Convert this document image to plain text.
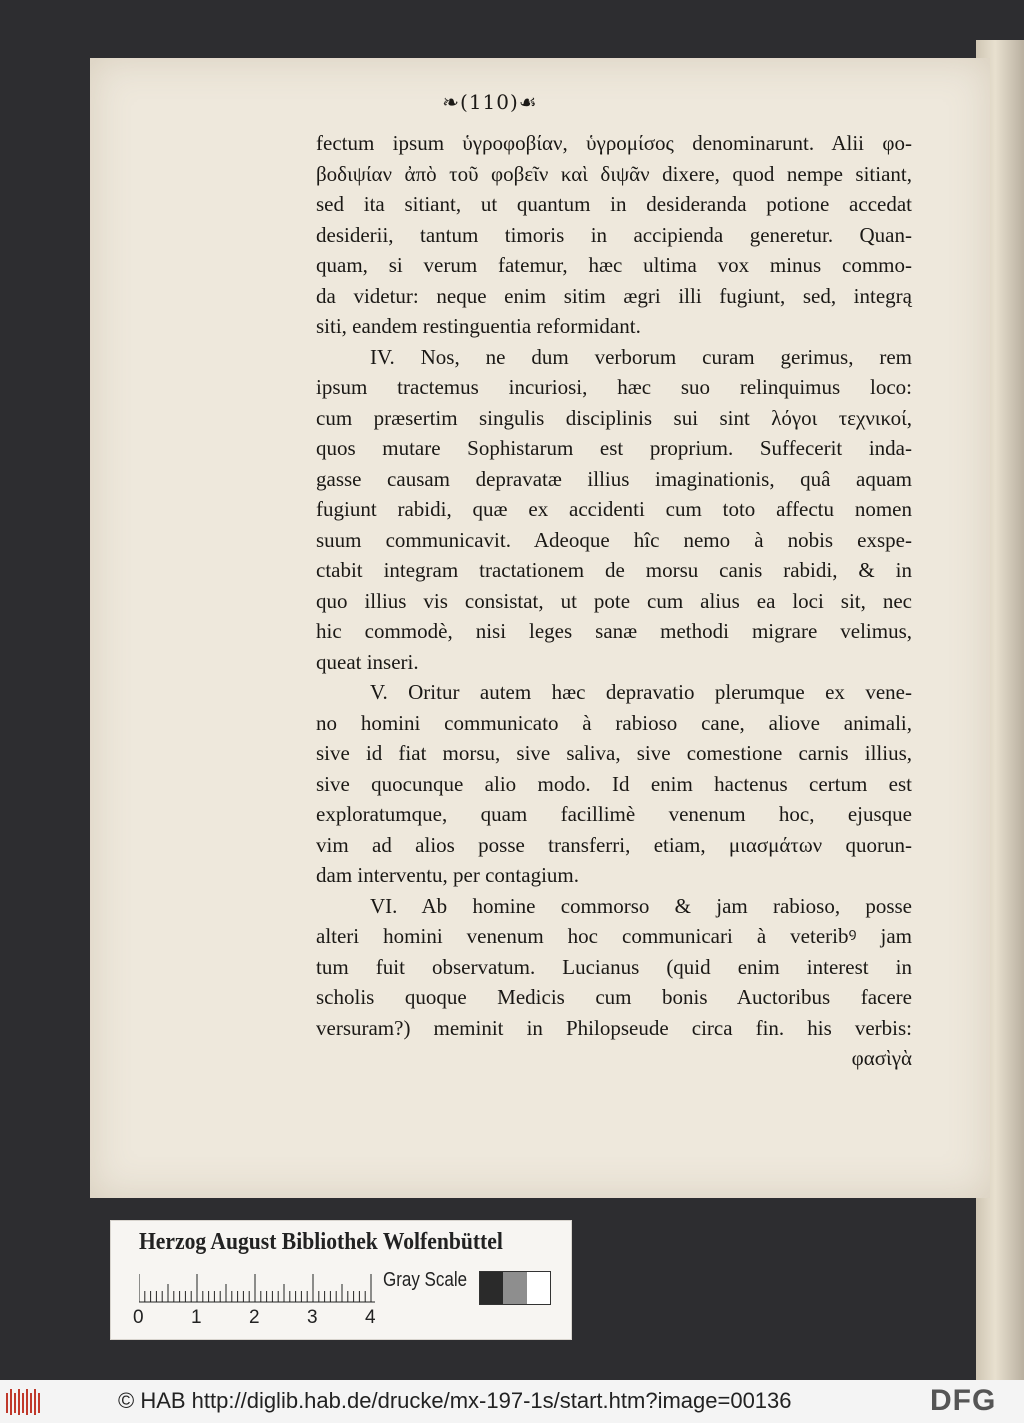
❧(110)☙
fectum ipsum ὑγροφοβίαν, ὑγρομίσος denominarunt. Alii φο-
βοδιψίαν ἀπὸ τοῦ φοβεῖν καὶ διψᾶν dixere, quod nempe sitiant,
sed ita sitiant, ut quantum in desideranda potione accedat
desiderii, tantum timoris in accipienda generetur. Quan-
quam, si verum fatemur, hæc ultima vox minus commo-
da videtur: neque enim sitim ægri illi fugiunt, sed, integrą
siti, eandem restinguentia reformidant.
IV. Nos, ne dum verborum curam gerimus, rem
ipsum tractemus incuriosi, hæc suo relinquimus loco:
cum præsertim singulis disciplinis sui sint λόγοι τεχνικοί,
quos mutare Sophistarum est proprium. Suffecerit inda-
gasse causam depravatæ illius imaginationis, quâ aquam
fugiunt rabidi, quæ ex accidenti cum toto affectu nomen
suum communicavit. Adeoque hîc nemo à nobis exspe-
ctabit integram tractationem de morsu canis rabidi, & in
quo illius vis consistat, ut pote cum alius ea loci sit, nec
hic commodè, nisi leges sanæ methodi migrare velimus,
queat inseri.
V. Oritur autem hæc depravatio plerumque ex vene-
no homini communicato à rabioso cane, aliove animali,
sive id fiat morsu, sive saliva, sive comestione carnis illius,
sive quocunque alio modo. Id enim hactenus certum est
exploratumque, quam facillimè venenum hoc, ejusque
vim ad alios posse transferri, etiam, μιασμάτων quorun-
dam interventu, per contagium.
VI. Ab homine commorso & jam rabioso, posse
alteri homini venenum hoc communicari à veteribꝰ jam
tum fuit observatum. Lucianus (quid enim interest in
scholis quoque Medicis cum bonis Auctoribus facere
versuram?) meminit in Philopseude circa fin. his verbis:
φασὶγὰ
Herzog August Bibliothek Wolfenbüttel
Gray Scale
0 1 2 3 4
© HAB http://diglib.hab.de/drucke/mx-197-1s/start.htm?image=00136	DFG
